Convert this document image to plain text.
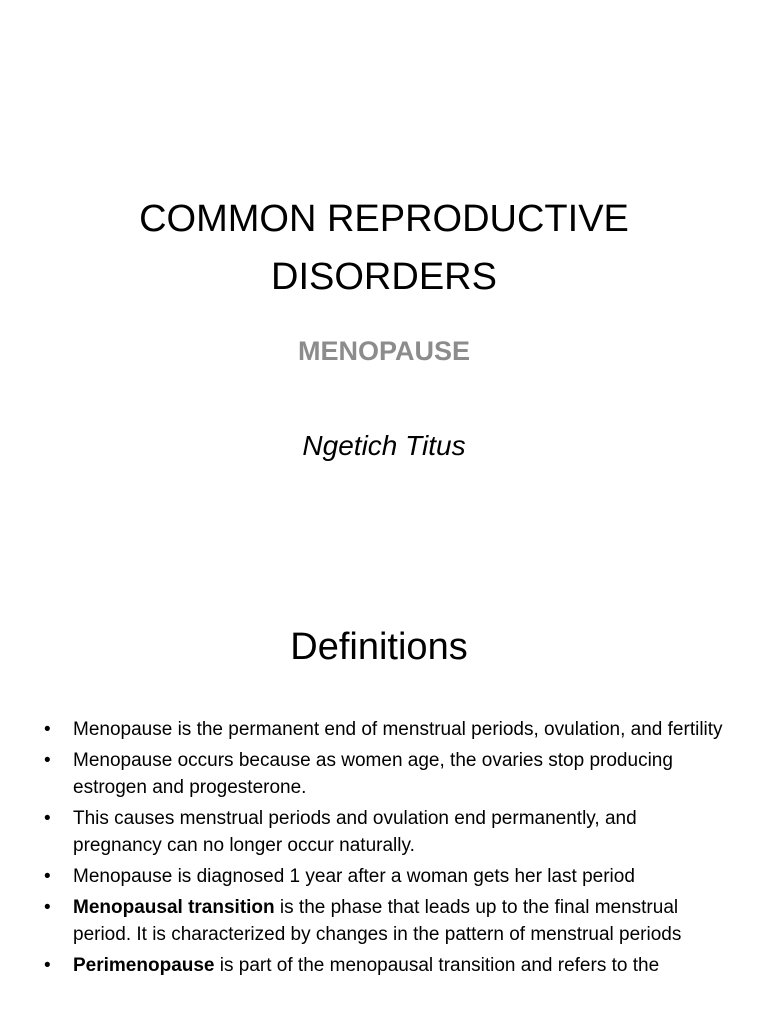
COMMON REPRODUCTIVE
DISORDERS
MENOPAUSE
Ngetich Titus
Definitions
• Menopause is the permanent end of menstrual periods, ovulation, and fertility
• Menopause occurs because as women age, the ovaries stop producing estrogen and progesterone.
• This causes menstrual periods and ovulation end permanently, and pregnancy can no longer occur naturally.
• Menopause is diagnosed 1 year after a woman gets her last period
• Menopausal transition is the phase that leads up to the final menstrual period. It is characterized by changes in the pattern of menstrual periods
• Perimenopause is part of the menopausal transition and refers to the
